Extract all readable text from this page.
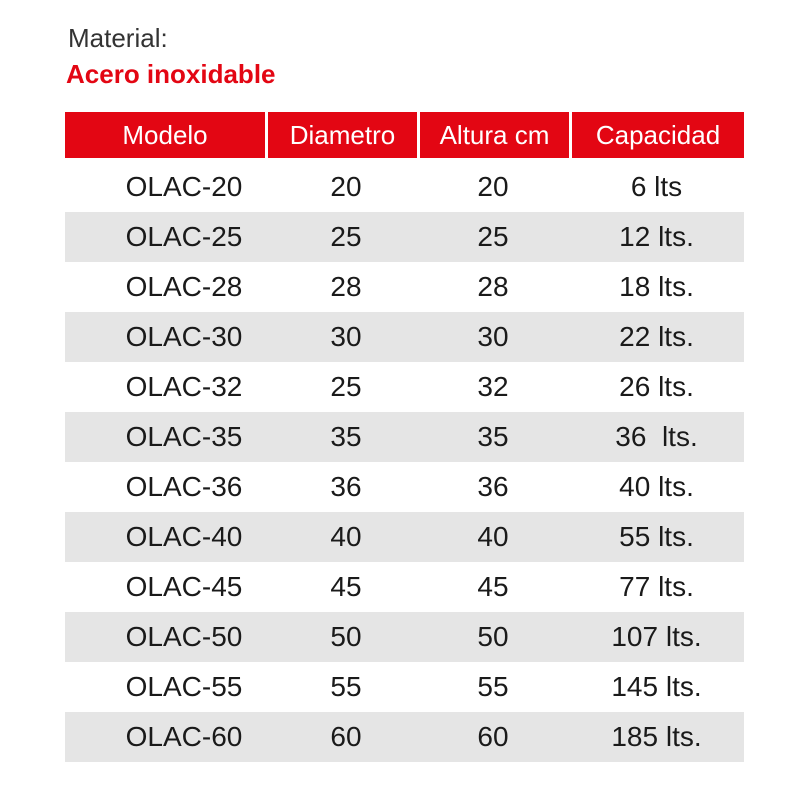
Material:
Acero inoxidable
Modelo	Diametro	Altura cm	Capacidad
OLAC-20	20	20	6 lts
OLAC-25	25	25	12 lts.
OLAC-28	28	28	18 lts.
OLAC-30	30	30	22 lts.
OLAC-32	25	32	26 lts.
OLAC-35	35	35	36  lts.
OLAC-36	36	36	40 lts.
OLAC-40	40	40	55 lts.
OLAC-45	45	45	77 lts.
OLAC-50	50	50	107 lts.
OLAC-55	55	55	145 lts.
OLAC-60	60	60	185 lts.
